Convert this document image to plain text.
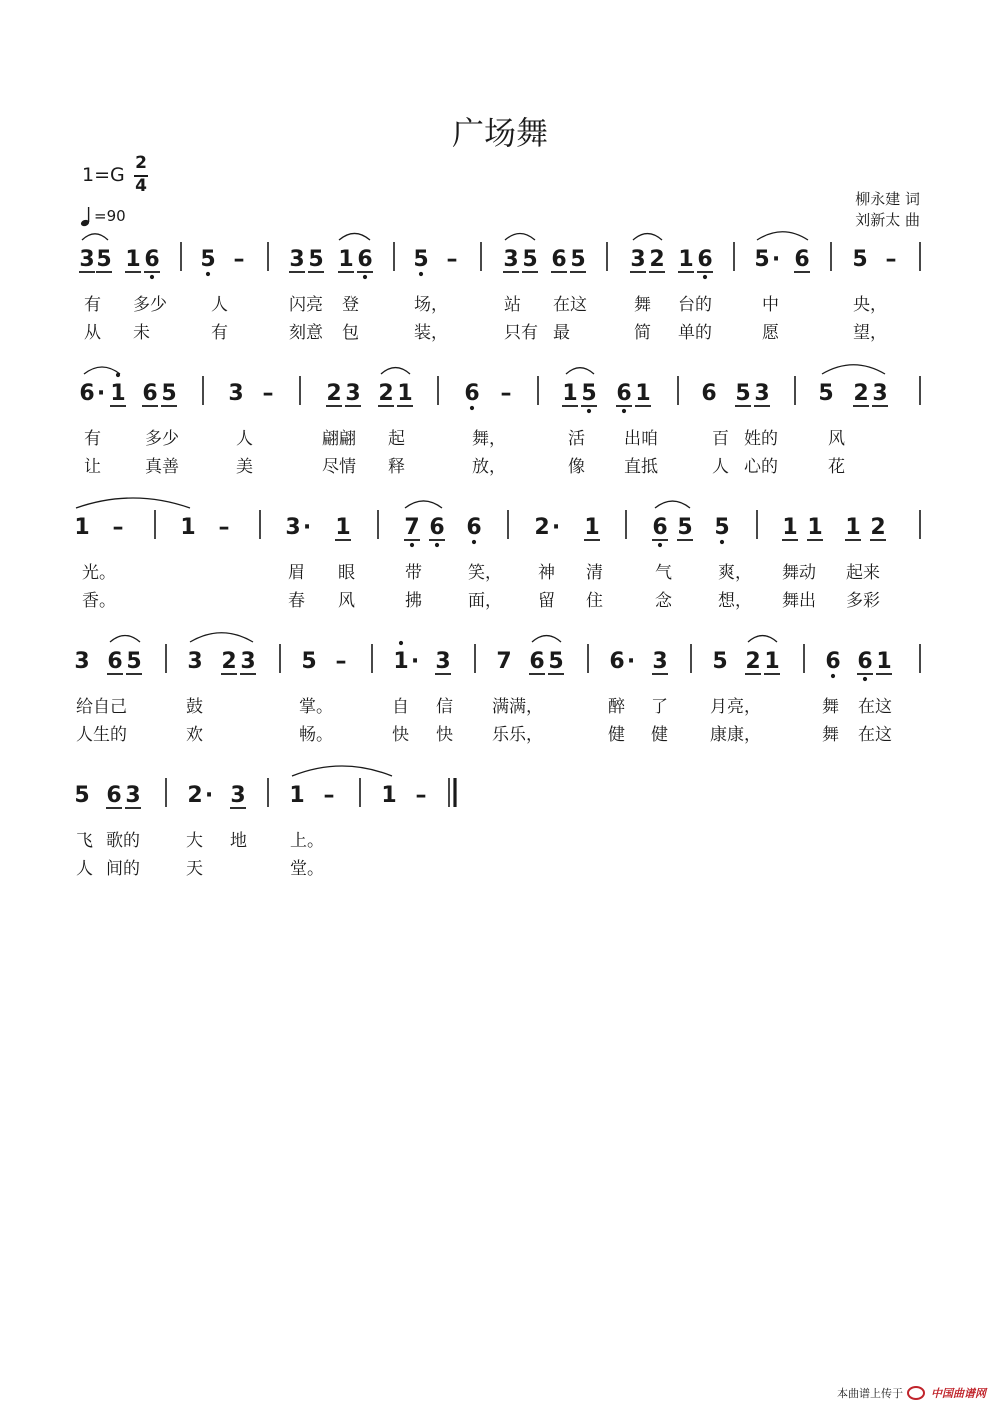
广场舞
1=G
2
4
=90
柳永建 词
刘新太 曲
3 5 1 6 5 – 3 5 1 6 5 – 3 5 6 5 3 2 1 6 5 · 6 5 –
有 多少	人	闪亮 登	场，	站 在这	舞 台的	中	央，
从 未	有	刻意 包	装，	只有 最	简 单的	愿	望，
6 · 1 6 5 3 – 2 3 2 1 6 – 1 5 6 1 6 5 3 5 2 3
有	多少	人	翩翩 起	舞，	活 出咱	百 姓的	风
让	真善	美	尽情 释	放，	像 直抵	人 心的	花
1 –	1 –	3 · 1 7 6 6 2 · 1 6 5 5 1 1 1 2
光。	眉 眼	带	笑， 神 清	气	爽， 舞动 起来
香。	春 风	拂	面， 留 住	念	想， 舞出 多彩
3 6 5 3 2 3 5 – 1 · 3 7 6 5 6 · 3 5 2 1 6 6 1
给自己	鼓	掌。	自 信 满满，	醉 了 月亮，	舞 在这
人生的	欢	畅。	快 快 乐乐，	健 健 康康，	舞 在这
5 6 3 2 · 3 1 – 1 –
飞 歌的	大 地	上。
人 间的	天	堂。
本曲谱上传于	中国曲谱网
